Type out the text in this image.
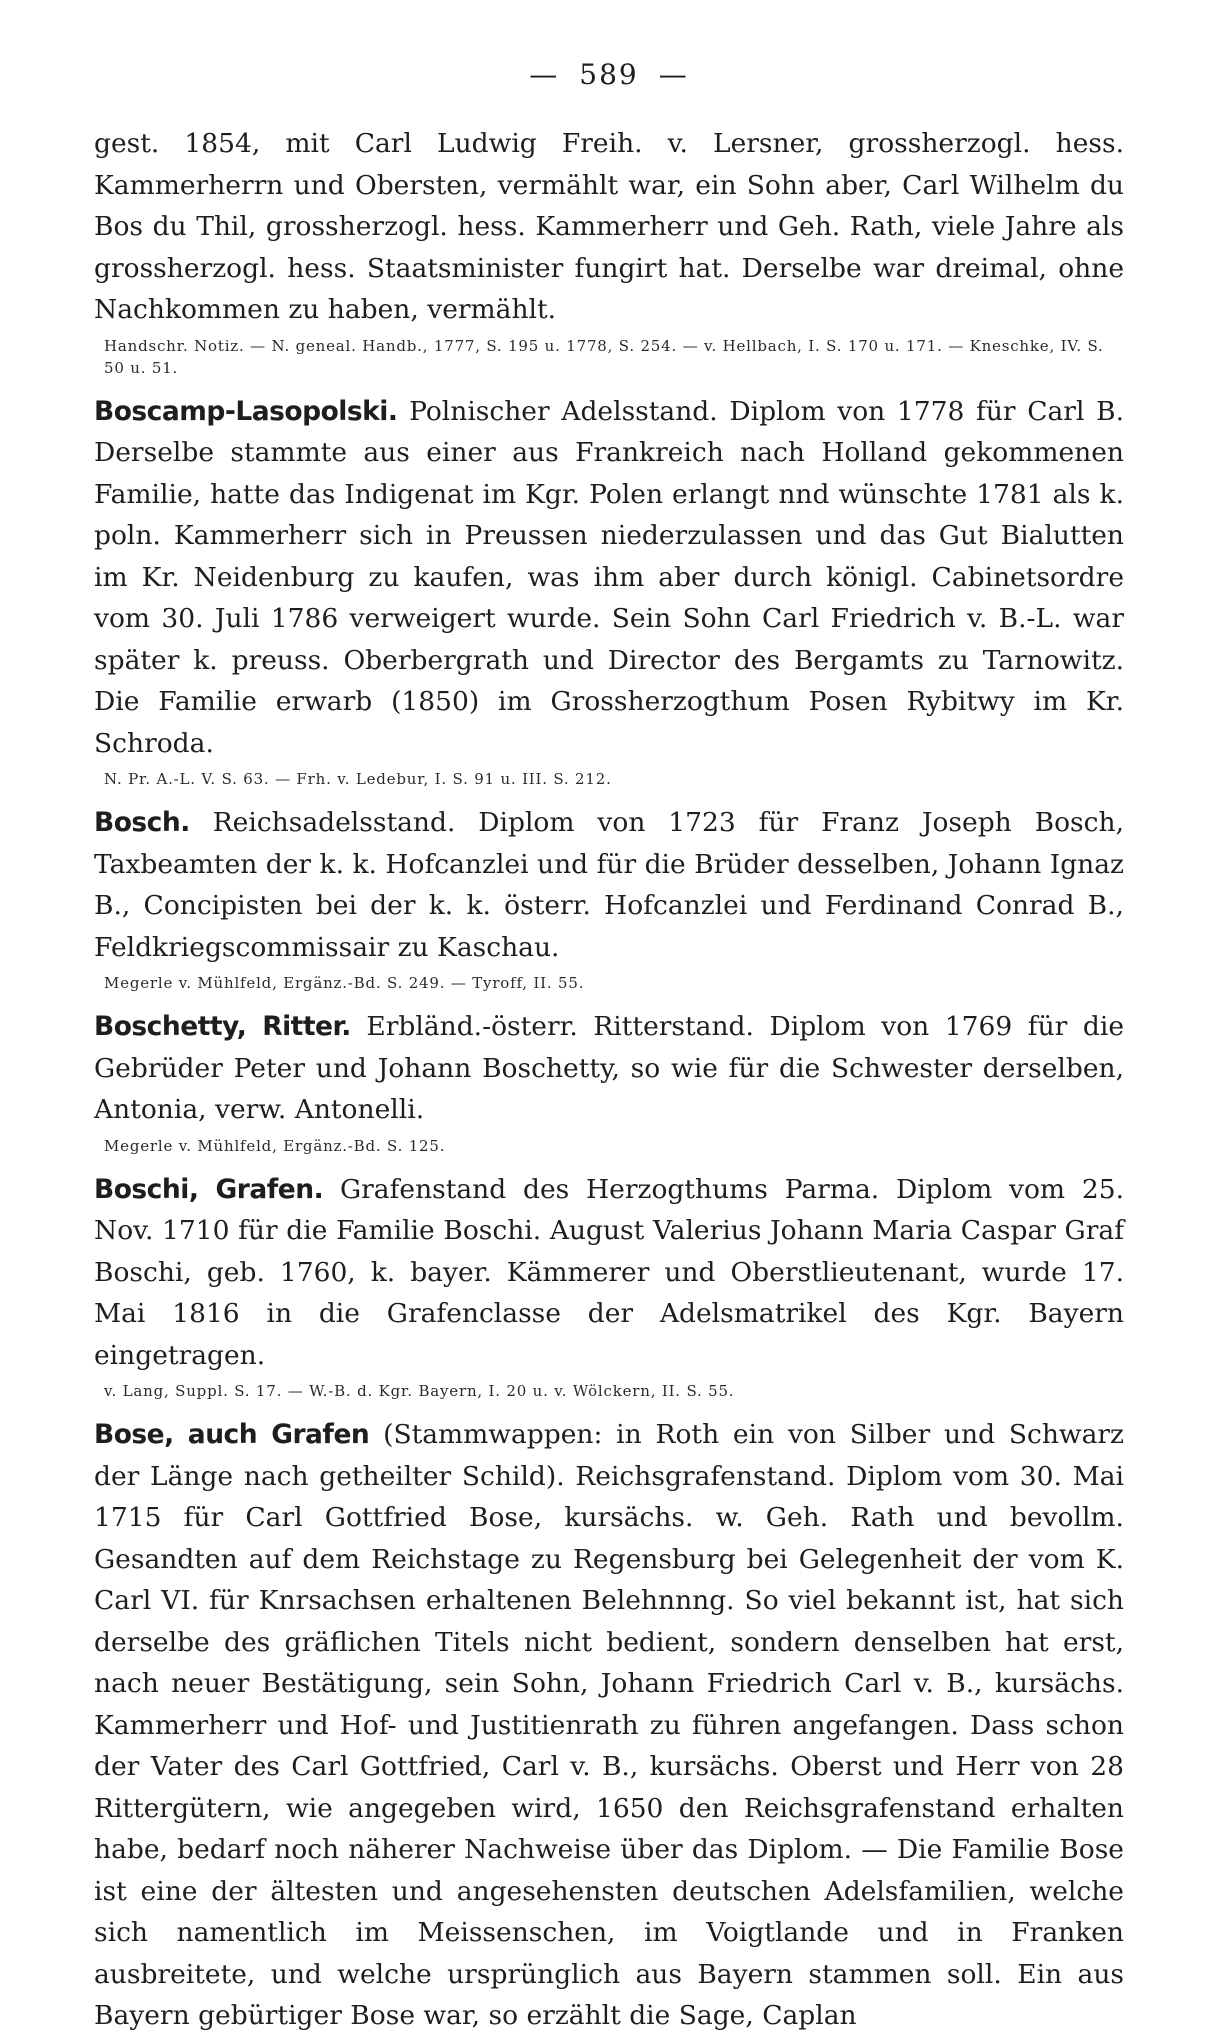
— 589 —

gest. 1854, mit Carl Ludwig Freih. v. Lersner, grossherzogl. hess. Kammerherrn und Obersten, vermählt war, ein Sohn aber, Carl Wilhelm du Bos du Thil, grossherzogl. hess. Kammerherr und Geh. Rath, viele Jahre als grossherzogl. hess. Staatsminister fungirt hat. Derselbe war dreimal, ohne Nachkommen zu haben, vermählt.

Handschr. Notiz. — N. geneal. Handb., 1777, S. 195 u. 1778, S. 254. — v. Hellbach, I. S. 170 u. 171. — Kneschke, IV. S. 50 u. 51.

Boscamp-Lasopolski. Polnischer Adelsstand. Diplom von 1778 für Carl B. Derselbe stammte aus einer aus Frankreich nach Holland gekommenen Familie, hatte das Indigenat im Kgr. Polen erlangt nnd wünschte 1781 als k. poln. Kammerherr sich in Preussen niederzulassen und das Gut Bialutten im Kr. Neidenburg zu kaufen, was ihm aber durch königl. Cabinetsordre vom 30. Juli 1786 verweigert wurde. Sein Sohn Carl Friedrich v. B.-L. war später k. preuss. Oberbergrath und Director des Bergamts zu Tarnowitz. Die Familie erwarb (1850) im Grossherzogthum Posen Rybitwy im Kr. Schroda.

N. Pr. A.-L. V. S. 63. — Frh. v. Ledebur, I. S. 91 u. III. S. 212.

Bosch. Reichsadelsstand. Diplom von 1723 für Franz Joseph Bosch, Taxbeamten der k. k. Hofcanzlei und für die Brüder desselben, Johann Ignaz B., Concipisten bei der k. k. österr. Hofcanzlei und Ferdinand Conrad B., Feldkriegscommissair zu Kaschau.

Megerle v. Mühlfeld, Ergänz.-Bd. S. 249. — Tyroff, II. 55.

Boschetty, Ritter. Erbländ.-österr. Ritterstand. Diplom von 1769 für die Gebrüder Peter und Johann Boschetty, so wie für die Schwester derselben, Antonia, verw. Antonelli.

Megerle v. Mühlfeld, Ergänz.-Bd. S. 125.

Boschi, Grafen. Grafenstand des Herzogthums Parma. Diplom vom 25. Nov. 1710 für die Familie Boschi. August Valerius Johann Maria Caspar Graf Boschi, geb. 1760, k. bayer. Kämmerer und Oberstlieutenant, wurde 17. Mai 1816 in die Grafenclasse der Adelsmatrikel des Kgr. Bayern eingetragen.

v. Lang, Suppl. S. 17. — W.-B. d. Kgr. Bayern, I. 20 u. v. Wölckern, II. S. 55.

Bose, auch Grafen (Stammwappen: in Roth ein von Silber und Schwarz der Länge nach getheilter Schild). Reichsgrafenstand. Diplom vom 30. Mai 1715 für Carl Gottfried Bose, kursächs. w. Geh. Rath und bevollm. Gesandten auf dem Reichstage zu Regensburg bei Gelegenheit der vom K. Carl VI. für Knrsachsen erhaltenen Belehnnng. So viel bekannt ist, hat sich derselbe des gräflichen Titels nicht bedient, sondern denselben hat erst, nach neuer Bestätigung, sein Sohn, Johann Friedrich Carl v. B., kursächs. Kammerherr und Hof- und Justitienrath zu führen angefangen. Dass schon der Vater des Carl Gottfried, Carl v. B., kursächs. Oberst und Herr von 28 Rittergütern, wie angegeben wird, 1650 den Reichsgrafenstand erhalten habe, bedarf noch näherer Nachweise über das Diplom. — Die Familie Bose ist eine der ältesten und angesehensten deutschen Adelsfamilien, welche sich namentlich im Meissenschen, im Voigtlande und in Franken ausbreitete, und welche ursprünglich aus Bayern stammen soll. Ein aus Bayern gebürtiger Bose war, so erzählt die Sage, Caplan
